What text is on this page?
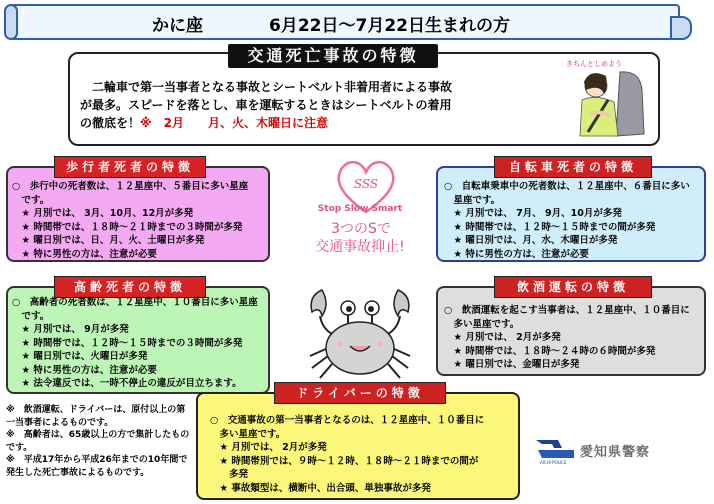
かに座	6月22日～7月22日生まれの方
交通死亡事故の特徴
　二輪車で第一当事者となる事故とシートベルト非着用者による事故
が最多。スピードを落とし、車を運転するときはシートベルトの着用
の徹底を！※　2月　　月、火、木曜日に注意
きちんとしめよう
歩行者死者の特徴
○　歩行中の死者数は、１２星座中、５番目に多い星座
　です。
　★ 月別では、 3月、10月、12月が多発
　★ 時間帯では、１８時～２１時までの３時間が多発
　★ 曜日別では、日、月、火、土曜日が多発
　★ 特に男性の方は、注意が必要
自転車死者の特徴
○　自転車乗車中の死者数は、１２星座中、６番目に多い
　星座です。
　★ 月別では、 7月、 9月、10月が多発
　★ 時間帯では、１２時～１５時までの間が多発
　★ 曜日別では、月、水、木曜日が多発
　★ 特に男性の方は、注意が必要
高齢死者の特徴
○　高齢者の死者数は、１２星座中、１０番目に多い星座
　です。
　★ 月別では、 9月が多発
　★ 時間帯では、１２時～１５時までの３時間が多発
　★ 曜日別では、火曜日が多発
　★ 特に男性の方は、注意が必要
　★ 法令違反では、一時不停止の違反が目立ちます。
飲酒運転の特徴
○　飲酒運転を起こす当事者は、１２星座中、１０番目に
　多い星座です。
　★ 月別では、 2月が多発
　★ 時間帯では、１８時～２４時の６時間が多発
　★ 曜日別では、金曜日が多発
ドライバーの特徴
○　交通事故の第一当事者となるのは、１２星座中、１０番目に
　多い星座です。
　★ 月別では、 2月が多発
　★ 時間帯別では、９時～１２時、１８時～２１時までの間が
　　多発
　★ 事故類型は、横断中、出合頭、単独事故が多発
SSS
Stop Slow Smart
3つのSで
交通事故抑止!
※　飲酒運転、ドライバーは、原付以上の第一当事者によるものです。
※　高齢者は、65歳以上の方で集計したものです。
※　平成17年から平成26年までの10年間で発生した死亡事故によるものです。
AICHI POLICE
愛知県警察
